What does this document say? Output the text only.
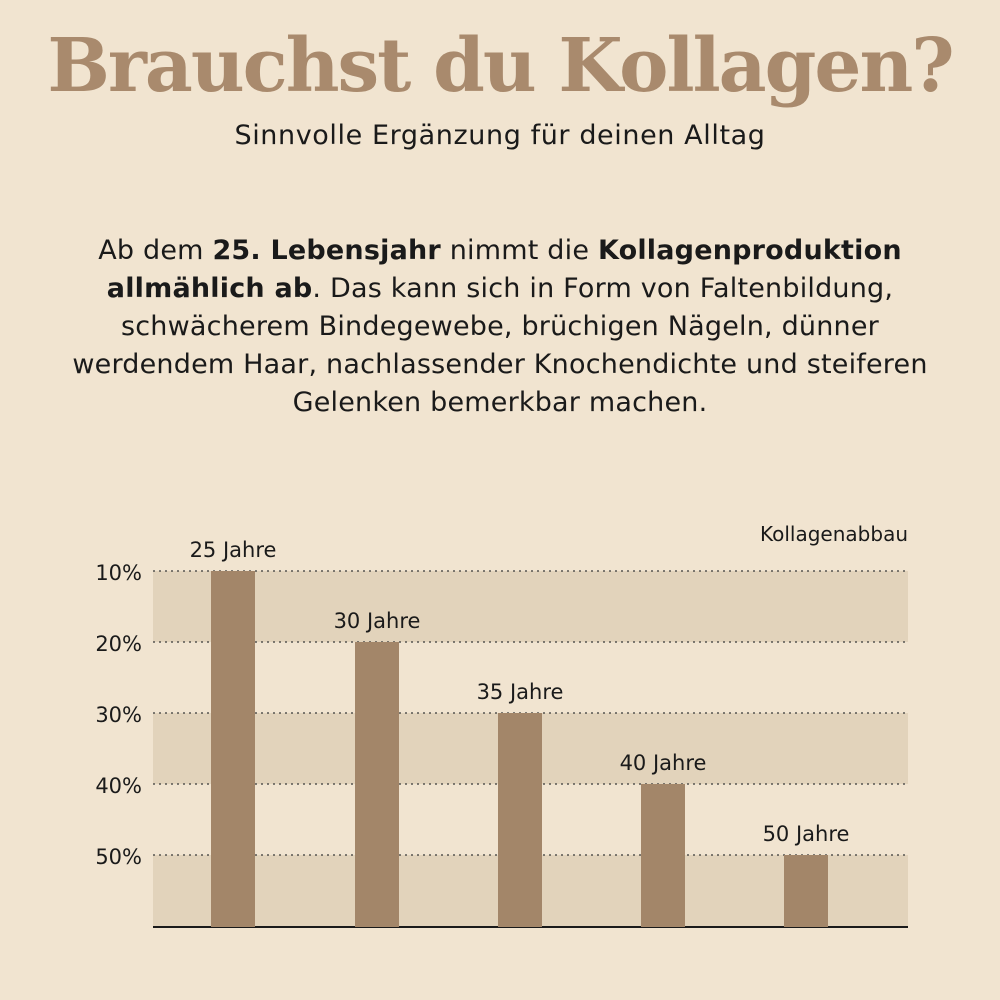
Brauchst du Kollagen?
Sinnvolle Ergänzung für deinen Alltag
Ab dem 25. Lebensjahr nimmt die Kollagenproduktion allmählich ab. Das kann sich in Form von Faltenbildung, schwächerem Bindegewebe, brüchigen Nägeln, dünner werdendem Haar, nachlassender Knochendichte und steiferen Gelenken bemerkbar machen.
10%
20%
30%
40%
50%
25 Jahre
30 Jahre
35 Jahre
40 Jahre
50 Jahre
Kollagenabbau
